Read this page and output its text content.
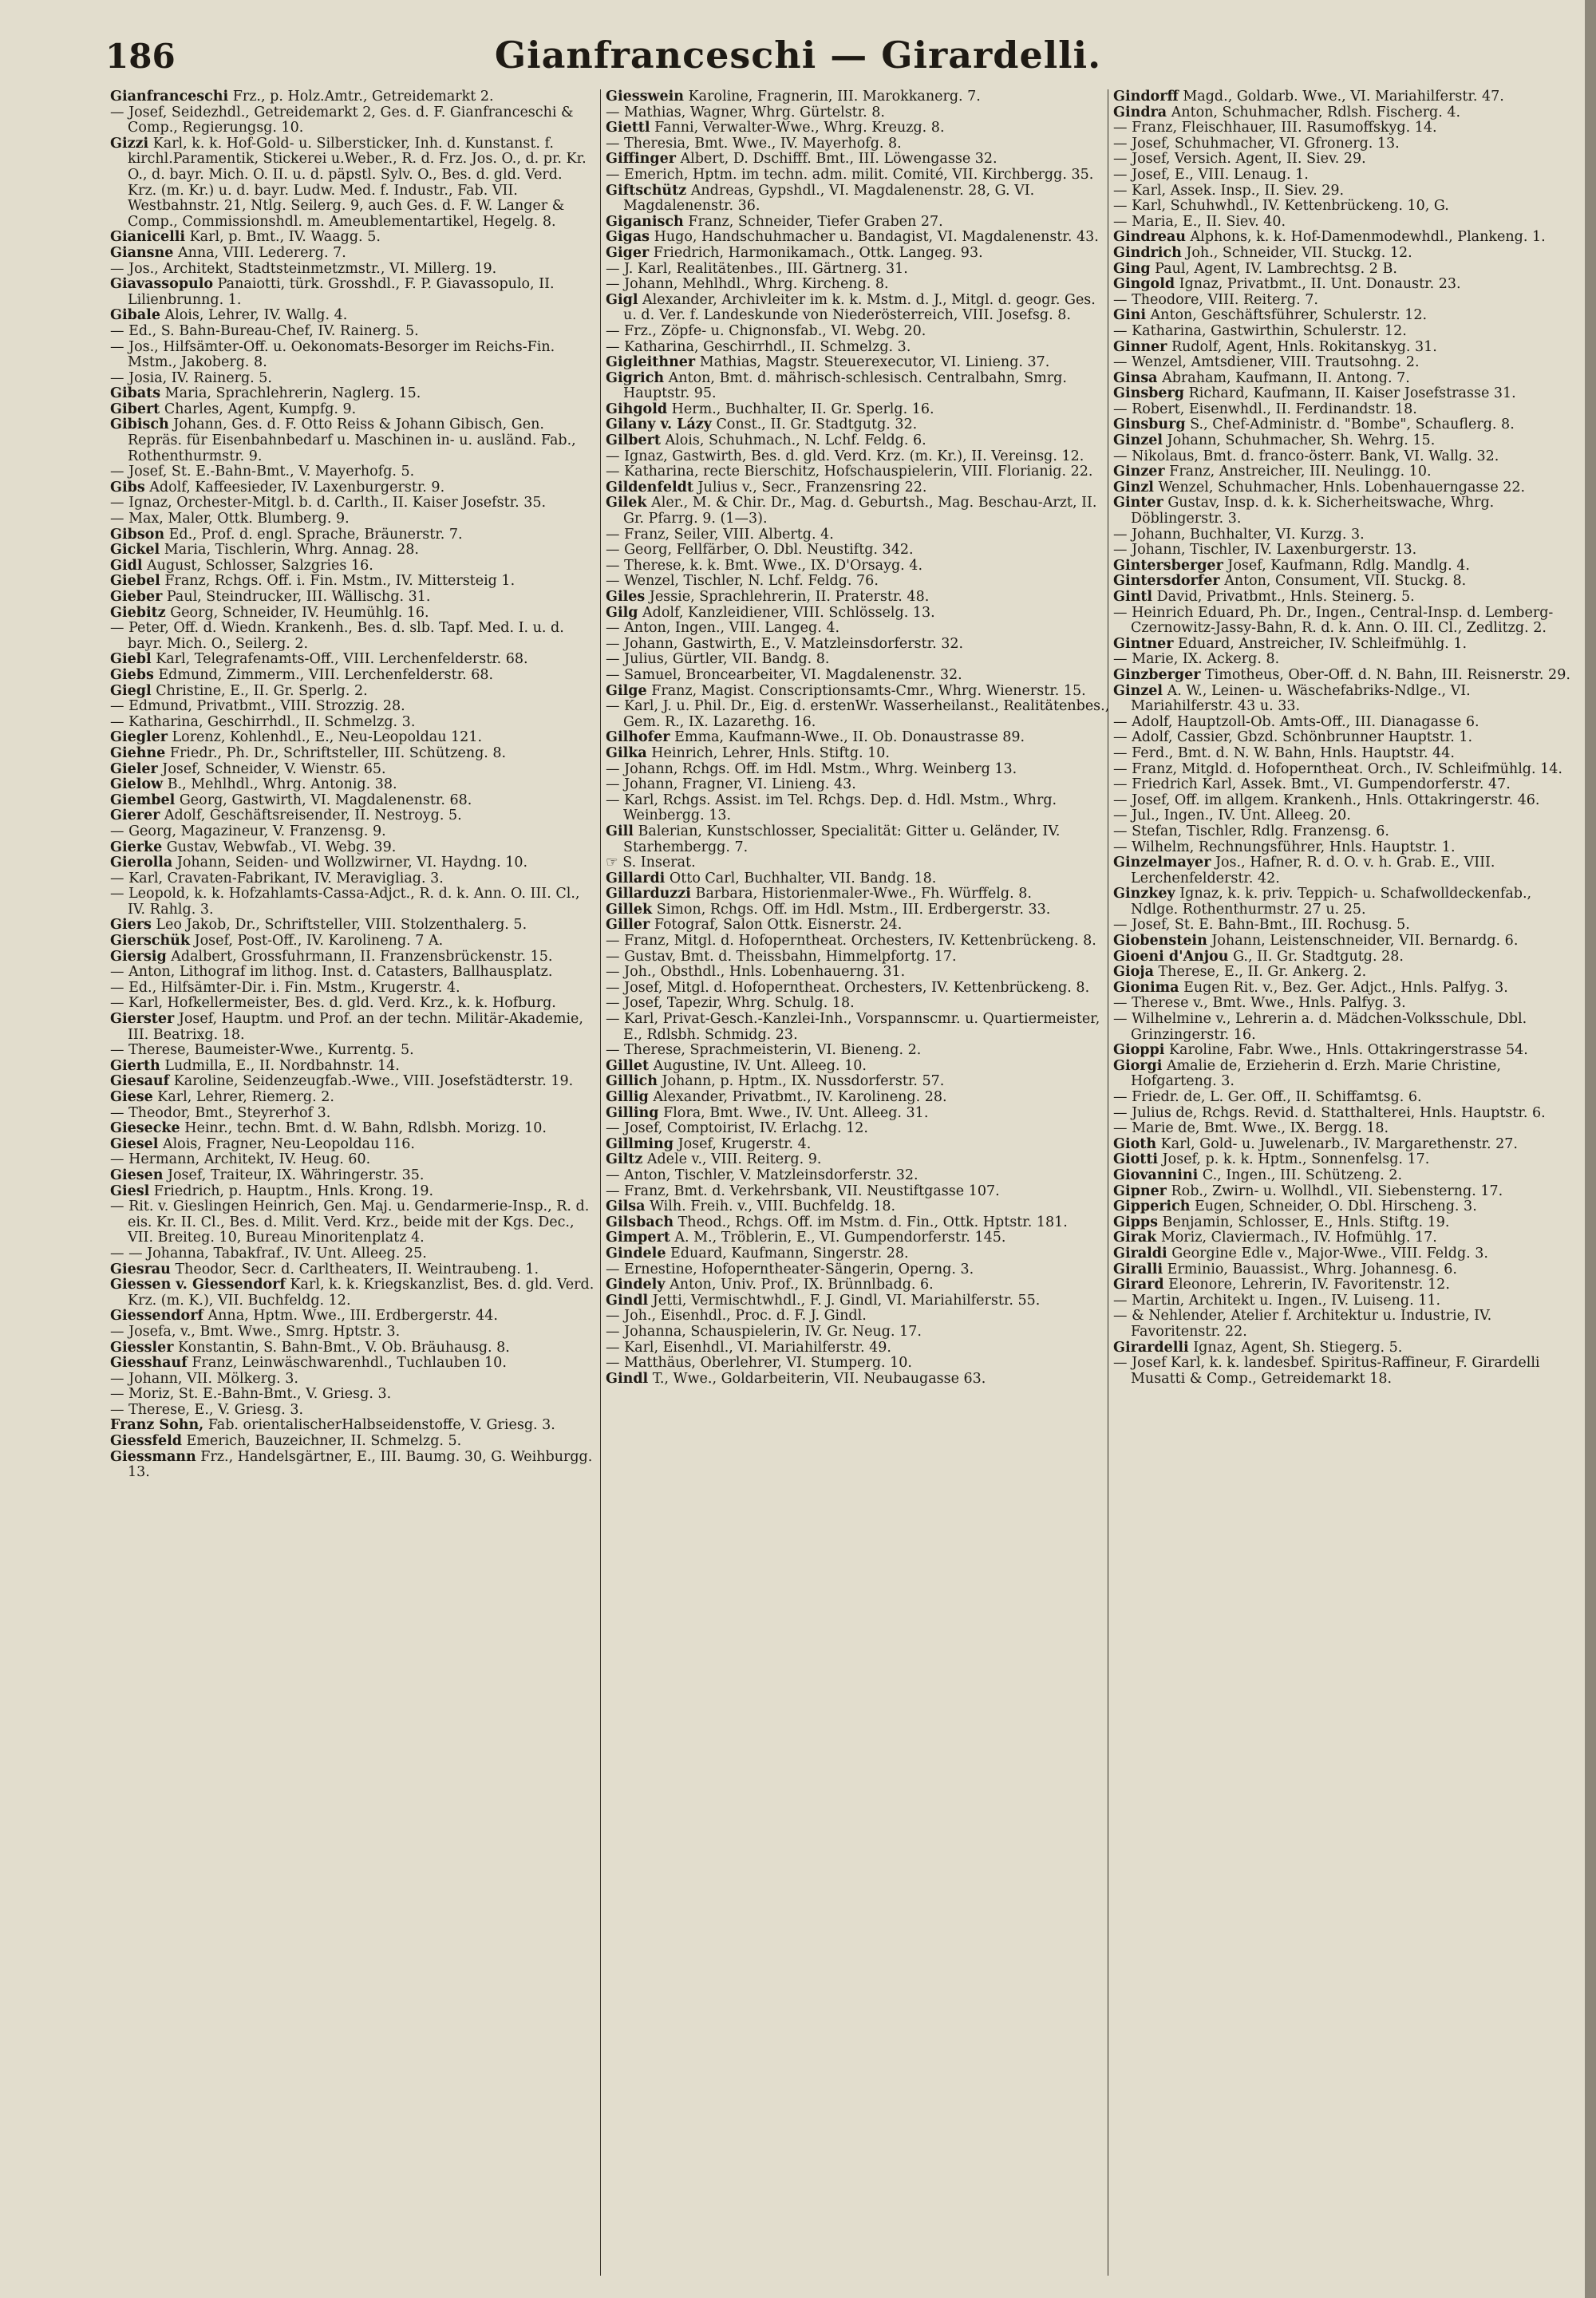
186	Gianfranceschi — Girardelli.

Gianfranceschi Frz., p. Holz.Amtr., Getreidemarkt 2.

— Josef, Seidezhdl., Getreidemarkt 2, Ges. d. F. Gianfranceschi & Comp., Regierungsg. 10.

Gizzi Karl, k. k. Hof-Gold- u. Silbersticker, Inh. d. Kunstanst. f. kirchl.Paramentik, Stickerei u.Weber., R. d. Frz. Jos. O., d. pr. Kr. O., d. bayr. Mich. O. II. u. d. päpstl. Sylv. O., Bes. d. gld. Verd. Krz. (m. Kr.) u. d. bayr. Ludw. Med. f. Industr., Fab. VII. Westbahnstr. 21, Ntlg. Seilerg. 9, auch Ges. d. F. W. Langer & Comp., Commissionshdl. m. Ameublementartikel, Hegelg. 8.

Gianicelli Karl, p. Bmt., IV. Waagg. 5.

Giansne Anna, VIII. Ledererg. 7.

— Jos., Architekt, Stadtsteinmetzmstr., VI. Millerg. 19.

Giavassopulo Panaiotti, türk. Grosshdl., F. P. Giavassopulo, II. Lilienbrunng. 1.

Gibale Alois, Lehrer, IV. Wallg. 4.

— Ed., S. Bahn-Bureau-Chef, IV. Rainerg. 5.

— Jos., Hilfsämter-Off. u. Oekonomats-Besorger im Reichs-Fin. Mstm., Jakoberg. 8.

— Josia, IV. Rainerg. 5.

Gibats Maria, Sprachlehrerin, Naglerg. 15.

Gibert Charles, Agent, Kumpfg. 9.

Gibisch Johann, Ges. d. F. Otto Reiss & Johann Gibisch, Gen. Repräs. für Eisenbahnbedarf u. Maschinen in- u. ausländ. Fab., Rothenthurmstr. 9.

— Josef, St. E.-Bahn-Bmt., V. Mayerhofg. 5.

Gibs Adolf, Kaffeesieder, IV. Laxenburgerstr. 9.

— Ignaz, Orchester-Mitgl. b. d. Carlth., II. Kaiser Josefstr. 35.

— Max, Maler, Ottk. Blumberg. 9.

Gibson Ed., Prof. d. engl. Sprache, Bräunerstr. 7.

Gickel Maria, Tischlerin, Whrg. Annag. 28.

Gidl August, Schlosser, Salzgries 16.

Giebel Franz, Rchgs. Off. i. Fin. Mstm., IV. Mittersteig 1.

Gieber Paul, Steindrucker, III. Wällischg. 31.

Giebitz Georg, Schneider, IV. Heumühlg. 16.

— Peter, Off. d. Wiedn. Krankenh., Bes. d. slb. Tapf. Med. I. u. d. bayr. Mich. O., Seilerg. 2.

Giebl Karl, Telegrafenamts-Off., VIII. Lerchenfelderstr. 68.

Giebs Edmund, Zimmerm., VIII. Lerchenfelderstr. 68.

Giegl Christine, E., II. Gr. Sperlg. 2.

— Edmund, Privatbmt., VIII. Strozzig. 28.

— Katharina, Geschirrhdl., II. Schmelzg. 3.

Giegler Lorenz, Kohlenhdl., E., Neu-Leopoldau 121.

Giehne Friedr., Ph. Dr., Schriftsteller, III. Schützeng. 8.

Gieler Josef, Schneider, V. Wienstr. 65.

Gielow B., Mehlhdl., Whrg. Antonig. 38.

Giembel Georg, Gastwirth, VI. Magdalenenstr. 68.

Gierer Adolf, Geschäftsreisender, II. Nestroyg. 5.

— Georg, Magazineur, V. Franzensg. 9.

Gierke Gustav, Webwfab., VI. Webg. 39.

Gierolla Johann, Seiden- und Wollzwirner, VI. Haydng. 10.

— Karl, Cravaten-Fabrikant, IV. Meravigliag. 3.

— Leopold, k. k. Hofzahlamts-Cassa-Adjct., R. d. k. Ann. O. III. Cl., IV. Rahlg. 3.

Giers Leo Jakob, Dr., Schriftsteller, VIII. Stolzenthalerg. 5.

Gierschük Josef, Post-Off., IV. Karolineng. 7 A.

Giersig Adalbert, Grossfuhrmann, II. Franzensbrückenstr. 15.

— Anton, Lithograf im lithog. Inst. d. Catasters, Ballhausplatz.

— Ed., Hilfsämter-Dir. i. Fin. Mstm., Krugerstr. 4.

— Karl, Hofkellermeister, Bes. d. gld. Verd. Krz., k. k. Hofburg.

Gierster Josef, Hauptm. und Prof. an der techn. Militär-Akademie, III. Beatrixg. 18.

— Therese, Baumeister-Wwe., Kurrentg. 5.

Gierth Ludmilla, E., II. Nordbahnstr. 14.

Giesauf Karoline, Seidenzeugfab.-Wwe., VIII. Josefstädterstr. 19.

Giese Karl, Lehrer, Riemerg. 2.

— Theodor, Bmt., Steyrerhof 3.

Giesecke Heinr., techn. Bmt. d. W. Bahn, Rdlsbh. Morizg. 10.

Giesel Alois, Fragner, Neu-Leopoldau 116.

— Hermann, Architekt, IV. Heug. 60.

Giesen Josef, Traiteur, IX. Währingerstr. 35.

Giesl Friedrich, p. Hauptm., Hnls. Krong. 19.

— Rit. v. Gieslingen Heinrich, Gen. Maj. u. Gendarmerie-Insp., R. d. eis. Kr. II. Cl., Bes. d. Milit. Verd. Krz., beide mit der Kgs. Dec., VII. Breiteg. 10, Bureau Minoritenplatz 4.

— — Johanna, Tabakfraf., IV. Unt. Alleeg. 25.

Giesrau Theodor, Secr. d. Carltheaters, II. Weintraubeng. 1.

Giessen v. Giessendorf Karl, k. k. Kriegskanzlist, Bes. d. gld. Verd. Krz. (m. K.), VII. Buchfeldg. 12.

Giessendorf Anna, Hptm. Wwe., III. Erdbergerstr. 44.

— Josefa, v., Bmt. Wwe., Smrg. Hptstr. 3.

Giessler Konstantin, S. Bahn-Bmt., V. Ob. Bräuhausg. 8.

Giesshauf Franz, Leinwäschwarenhdl., Tuchlauben 10.

— Johann, VII. Mölkerg. 3.

— Moriz, St. E.-Bahn-Bmt., V. Griesg. 3.

— Therese, E., V. Griesg. 3.

Franz Sohn, Fab. orientalischerHalbseidenstoffe, V. Griesg. 3.

Giessfeld Emerich, Bauzeichner, II. Schmelzg. 5.

Giessmann Frz., Handelsgärtner, E., III. Baumg. 30, G. Weihburgg. 13.

Giesswein Karoline, Fragnerin, III. Marokkanerg. 7.

— Mathias, Wagner, Whrg. Gürtelstr. 8.

Giettl Fanni, Verwalter-Wwe., Whrg. Kreuzg. 8.

— Theresia, Bmt. Wwe., IV. Mayerhofg. 8.

Giffinger Albert, D. Dschifff. Bmt., III. Löwengasse 32.

— Emerich, Hptm. im techn. adm. milit. Comité, VII. Kirchbergg. 35.

Giftschütz Andreas, Gypshdl., VI. Magdalenenstr. 28, G. VI. Magdalenenstr. 36.

Giganisch Franz, Schneider, Tiefer Graben 27.

Gigas Hugo, Handschuhmacher u. Bandagist, VI. Magdalenenstr. 43.

Giger Friedrich, Harmonikamach., Ottk. Langeg. 93.

— J. Karl, Realitätenbes., III. Gärtnerg. 31.

— Johann, Mehlhdl., Whrg. Kircheng. 8.

Gigl Alexander, Archivleiter im k. k. Mstm. d. J., Mitgl. d. geogr. Ges. u. d. Ver. f. Landeskunde von Niederösterreich, VIII. Josefsg. 8.

— Frz., Zöpfe- u. Chignonsfab., VI. Webg. 20.

— Katharina, Geschirrhdl., II. Schmelzg. 3.

Gigleithner Mathias, Magstr. Steuerexecutor, VI. Linieng. 37.

Gigrich Anton, Bmt. d. mährisch-schlesisch. Centralbahn, Smrg. Hauptstr. 95.

Gihgold Herm., Buchhalter, II. Gr. Sperlg. 16.

Gilany v. Lázy Const., II. Gr. Stadtgutg. 32.

Gilbert Alois, Schuhmach., N. Lchf. Feldg. 6.

— Ignaz, Gastwirth, Bes. d. gld. Verd. Krz. (m. Kr.), II. Vereinsg. 12.

— Katharina, recte Bierschitz, Hofschauspielerin, VIII. Florianig. 22.

Gildenfeldt Julius v., Secr., Franzensring 22.

Gilek Aler., M. & Chir. Dr., Mag. d. Geburtsh., Mag. Beschau-Arzt, II. Gr. Pfarrg. 9. (1—3).

— Franz, Seiler, VIII. Albertg. 4.

— Georg, Fellfärber, O. Dbl. Neustiftg. 342.

— Therese, k. k. Bmt. Wwe., IX. D'Orsayg. 4.

— Wenzel, Tischler, N. Lchf. Feldg. 76.

Giles Jessie, Sprachlehrerin, II. Praterstr. 48.

Gilg Adolf, Kanzleidiener, VIII. Schlösselg. 13.

— Anton, Ingen., VIII. Langeg. 4.

— Johann, Gastwirth, E., V. Matzleinsdorferstr. 32.

— Julius, Gürtler, VII. Bandg. 8.

— Samuel, Broncearbeiter, VI. Magdalenenstr. 32.

Gilge Franz, Magist. Conscriptionsamts-Cmr., Whrg. Wienerstr. 15.

— Karl, J. u. Phil. Dr., Eig. d. erstenWr. Wasserheilanst., Realitätenbes., Gem. R., IX. Lazarethg. 16.

Gilhofer Emma, Kaufmann-Wwe., II. Ob. Donaustrasse 89.

Gilka Heinrich, Lehrer, Hnls. Stiftg. 10.

— Johann, Rchgs. Off. im Hdl. Mstm., Whrg. Weinberg 13.

— Johann, Fragner, VI. Linieng. 43.

— Karl, Rchgs. Assist. im Tel. Rchgs. Dep. d. Hdl. Mstm., Whrg. Weinbergg. 13.

Gill Balerian, Kunstschlosser, Specialität: Gitter u. Geländer, IV. Starhembergg. 7.

☞ S. Inserat.

Gillardi Otto Carl, Buchhalter, VII. Bandg. 18.

Gillarduzzi Barbara, Historienmaler-Wwe., Fh. Würffelg. 8.

Gillek Simon, Rchgs. Off. im Hdl. Mstm., III. Erdbergerstr. 33.

Giller Fotograf, Salon Ottk. Eisnerstr. 24.

— Franz, Mitgl. d. Hofoperntheat. Orchesters, IV. Kettenbrückeng. 8.

— Gustav, Bmt. d. Theissbahn, Himmelpfortg. 17.

— Joh., Obsthdl., Hnls. Lobenhauerng. 31.

— Josef, Mitgl. d. Hofoperntheat. Orchesters, IV. Kettenbrückeng. 8.

— Josef, Tapezir, Whrg. Schulg. 18.

— Karl, Privat-Gesch.-Kanzlei-Inh., Vorspannscmr. u. Quartiermeister, E., Rdlsbh. Schmidg. 23.

— Therese, Sprachmeisterin, VI. Bieneng. 2.

Gillet Augustine, IV. Unt. Alleeg. 10.

Gillich Johann, p. Hptm., IX. Nussdorferstr. 57.

Gillig Alexander, Privatbmt., IV. Karolineng. 28.

Gilling Flora, Bmt. Wwe., IV. Unt. Alleeg. 31.

— Josef, Comptoirist, IV. Erlachg. 12.

Gillming Josef, Krugerstr. 4.

Giltz Adele v., VIII. Reiterg. 9.

— Anton, Tischler, V. Matzleinsdorferstr. 32.

— Franz, Bmt. d. Verkehrsbank, VII. Neustiftgasse 107.

Gilsa Wilh. Freih. v., VIII. Buchfeldg. 18.

Gilsbach Theod., Rchgs. Off. im Mstm. d. Fin., Ottk. Hptstr. 181.

Gimpert A. M., Tröblerin, E., VI. Gumpendorferstr. 145.

Gindele Eduard, Kaufmann, Singerstr. 28.

— Ernestine, Hofoperntheater-Sängerin, Operng. 3.

Gindely Anton, Univ. Prof., IX. Brünnlbadg. 6.

Gindl Jetti, Vermischtwhdl., F. J. Gindl, VI. Mariahilferstr. 55.

— Joh., Eisenhdl., Proc. d. F. J. Gindl.

— Johanna, Schauspielerin, IV. Gr. Neug. 17.

— Karl, Eisenhdl., VI. Mariahilferstr. 49.

— Matthäus, Oberlehrer, VI. Stumperg. 10.

Gindl T., Wwe., Goldarbeiterin, VII. Neubaugasse 63.

Gindorff Magd., Goldarb. Wwe., VI. Mariahilferstr. 47.

Gindra Anton, Schuhmacher, Rdlsh. Fischerg. 4.

— Franz, Fleischhauer, III. Rasumoffskyg. 14.

— Josef, Schuhmacher, VI. Gfronerg. 13.

— Josef, Versich. Agent, II. Siev. 29.

— Josef, E., VIII. Lenaug. 1.

— Karl, Assek. Insp., II. Siev. 29.

— Karl, Schuhwhdl., IV. Kettenbrückeng. 10, G.

— Maria, E., II. Siev. 40.

Gindreau Alphons, k. k. Hof-Damenmodewhdl., Plankeng. 1.

Gindrich Joh., Schneider, VII. Stuckg. 12.

Ging Paul, Agent, IV. Lambrechtsg. 2 B.

Gingold Ignaz, Privatbmt., II. Unt. Donaustr. 23.

— Theodore, VIII. Reiterg. 7.

Gini Anton, Geschäftsführer, Schulerstr. 12.

— Katharina, Gastwirthin, Schulerstr. 12.

Ginner Rudolf, Agent, Hnls. Rokitanskyg. 31.

— Wenzel, Amtsdiener, VIII. Trautsohng. 2.

Ginsa Abraham, Kaufmann, II. Antong. 7.

Ginsberg Richard, Kaufmann, II. Kaiser Josefstrasse 31.

— Robert, Eisenwhdl., II. Ferdinandstr. 18.

Ginsburg S., Chef-Administr. d. "Bombe", Schauflerg. 8.

Ginzel Johann, Schuhmacher, Sh. Wehrg. 15.

— Nikolaus, Bmt. d. franco-österr. Bank, VI. Wallg. 32.

Ginzer Franz, Anstreicher, III. Neulingg. 10.

Ginzl Wenzel, Schuhmacher, Hnls. Lobenhauerngasse 22.

Ginter Gustav, Insp. d. k. k. Sicherheitswache, Whrg. Döblingerstr. 3.

— Johann, Buchhalter, VI. Kurzg. 3.

— Johann, Tischler, IV. Laxenburgerstr. 13.

Gintersberger Josef, Kaufmann, Rdlg. Mandlg. 4.

Gintersdorfer Anton, Consument, VII. Stuckg. 8.

Gintl David, Privatbmt., Hnls. Steinerg. 5.

— Heinrich Eduard, Ph. Dr., Ingen., Central-Insp. d. Lemberg-Czernowitz-Jassy-Bahn, R. d. k. Ann. O. III. Cl., Zedlitzg. 2.

Gintner Eduard, Anstreicher, IV. Schleifmühlg. 1.

— Marie, IX. Ackerg. 8.

Ginzberger Timotheus, Ober-Off. d. N. Bahn, III. Reisnerstr. 29.

Ginzel A. W., Leinen- u. Wäschefabriks-Ndlge., VI. Mariahilferstr. 43 u. 33.

— Adolf, Hauptzoll-Ob. Amts-Off., III. Dianagasse 6.

— Adolf, Cassier, Gbzd. Schönbrunner Hauptstr. 1.

— Ferd., Bmt. d. N. W. Bahn, Hnls. Hauptstr. 44.

— Franz, Mitgld. d. Hofoperntheat. Orch., IV. Schleifmühlg. 14.

— Friedrich Karl, Assek. Bmt., VI. Gumpendorferstr. 47.

— Josef, Off. im allgem. Krankenh., Hnls. Ottakringerstr. 46.

— Jul., Ingen., IV. Unt. Alleeg. 20.

— Stefan, Tischler, Rdlg. Franzensg. 6.

— Wilhelm, Rechnungsführer, Hnls. Hauptstr. 1.

Ginzelmayer Jos., Hafner, R. d. O. v. h. Grab. E., VIII. Lerchenfelderstr. 42.

Ginzkey Ignaz, k. k. priv. Teppich- u. Schafwolldeckenfab., Ndlge. Rothenthurmstr. 27 u. 25.

— Josef, St. E. Bahn-Bmt., III. Rochusg. 5.

Giobenstein Johann, Leistenschneider, VII. Bernardg. 6.

Gioeni d'Anjou G., II. Gr. Stadtgutg. 28.

Gioja Therese, E., II. Gr. Ankerg. 2.

Gionima Eugen Rit. v., Bez. Ger. Adjct., Hnls. Palfyg. 3.

— Therese v., Bmt. Wwe., Hnls. Palfyg. 3.

— Wilhelmine v., Lehrerin a. d. Mädchen-Volksschule, Dbl. Grinzingerstr. 16.

Gioppi Karoline, Fabr. Wwe., Hnls. Ottakringerstrasse 54.

Giorgi Amalie de, Erzieherin d. Erzh. Marie Christine, Hofgarteng. 3.

— Friedr. de, L. Ger. Off., II. Schiffamtsg. 6.

— Julius de, Rchgs. Revid. d. Statthalterei, Hnls. Hauptstr. 6.

— Marie de, Bmt. Wwe., IX. Bergg. 18.

Gioth Karl, Gold- u. Juwelenarb., IV. Margarethenstr. 27.

Giotti Josef, p. k. k. Hptm., Sonnenfelsg. 17.

Giovannini C., Ingen., III. Schützeng. 2.

Gipner Rob., Zwirn- u. Wollhdl., VII. Siebensterng. 17.

Gipperich Eugen, Schneider, O. Dbl. Hirscheng. 3.

Gipps Benjamin, Schlosser, E., Hnls. Stiftg. 19.

Girak Moriz, Claviermach., IV. Hofmühlg. 17.

Giraldi Georgine Edle v., Major-Wwe., VIII. Feldg. 3.

Giralli Erminio, Bauassist., Whrg. Johannesg. 6.

Girard Eleonore, Lehrerin, IV. Favoritenstr. 12.

— Martin, Architekt u. Ingen., IV. Luiseng. 11.

— & Nehlender, Atelier f. Architektur u. Industrie, IV. Favoritenstr. 22.

Girardelli Ignaz, Agent, Sh. Stiegerg. 5.

— Josef Karl, k. k. landesbef. Spiritus-Raffineur, F. Girardelli Musatti & Comp., Getreidemarkt 18.
